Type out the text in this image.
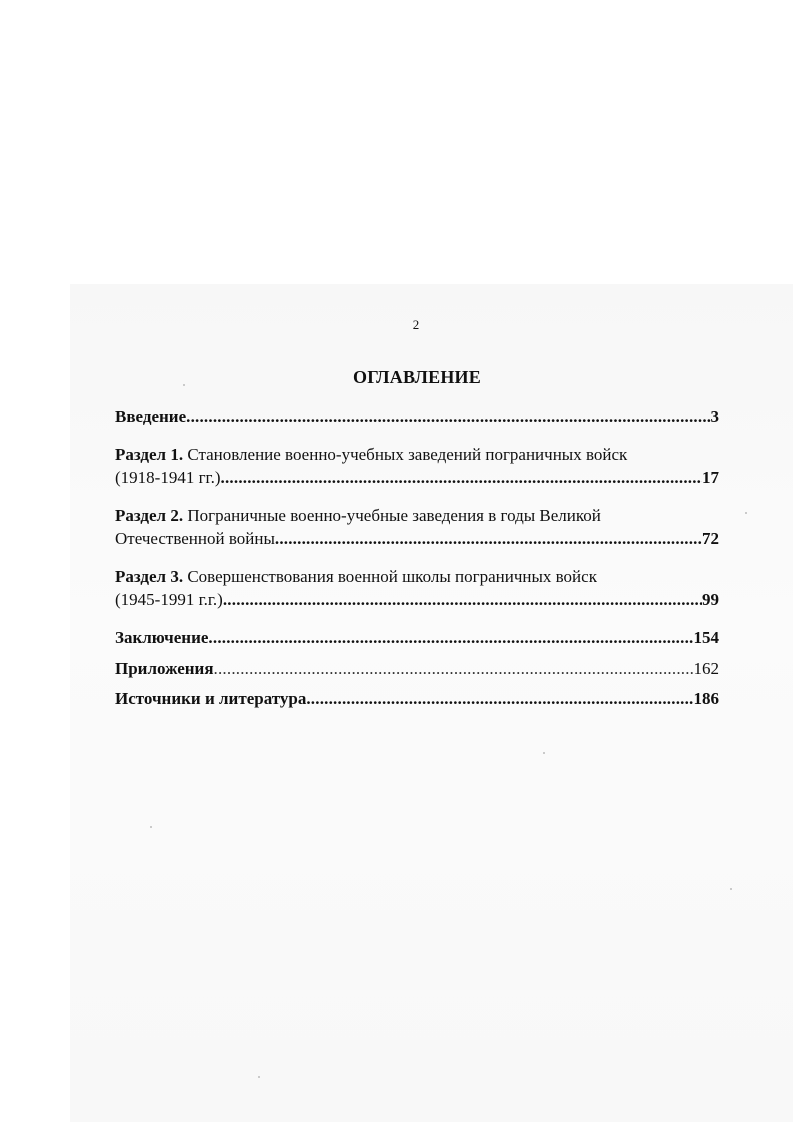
2
ОГЛАВЛЕНИЕ
Введение .....	3
Раздел 1. Становление военно-учебных заведений пограничных войск
(1918-1941 гг.) .....	17
Раздел 2. Пограничные военно-учебные заведения в годы Великой
Отечественной войны .....	72
Раздел 3. Совершенствования военной школы пограничных войск
(1945-1991 г.г.) .....	99
Заключение .....	154
Приложения .....	162
Источники и литература .....	186
